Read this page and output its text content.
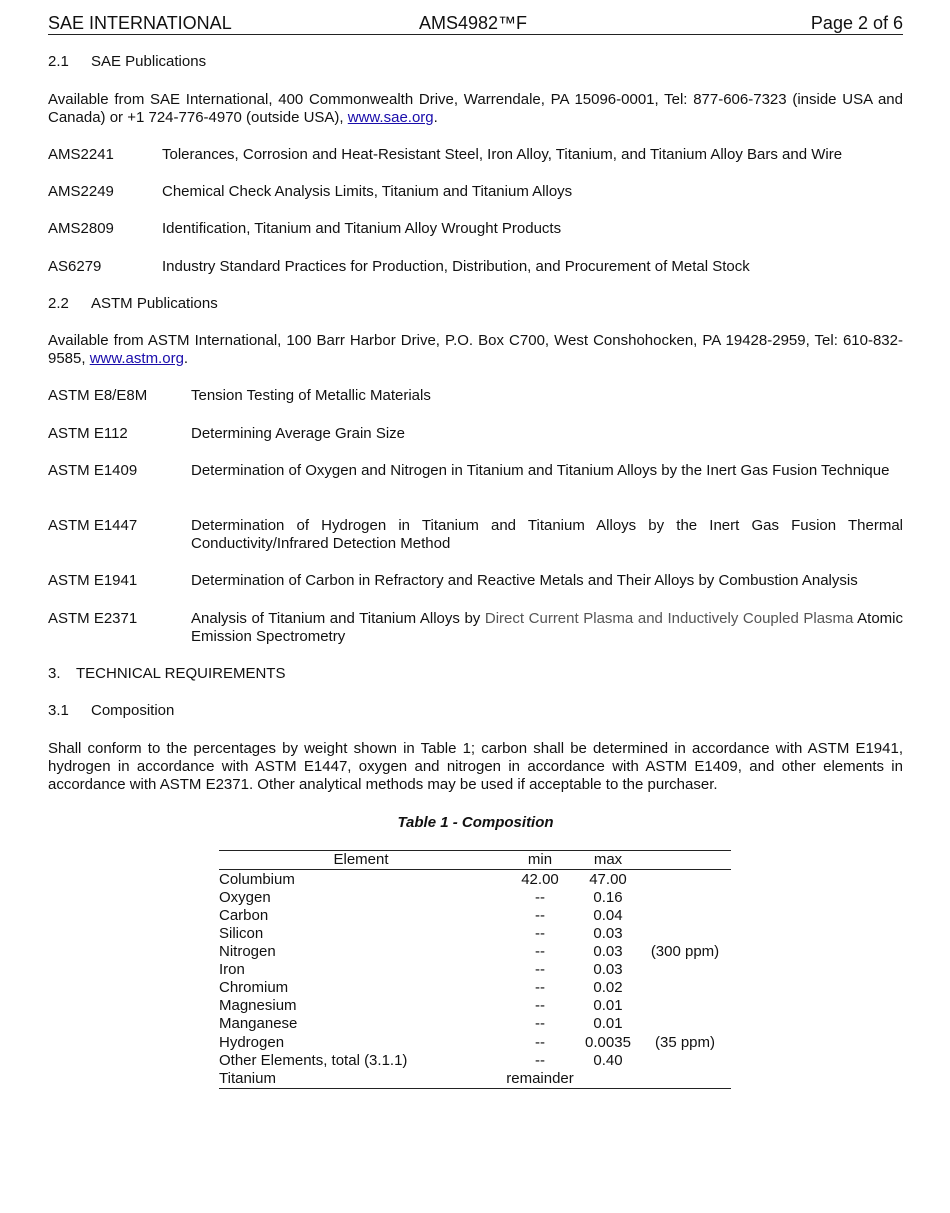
SAE INTERNATIONAL	AMS4982™F	Page 2 of 6
2.1 SAE Publications
Available from SAE International, 400 Commonwealth Drive, Warrendale, PA 15096-0001, Tel: 877-606-7323 (inside USA and Canada) or +1 724-776-4970 (outside USA), www.sae.org.
AMS2241	Tolerances, Corrosion and Heat-Resistant Steel, Iron Alloy, Titanium, and Titanium Alloy Bars and Wire
AMS2249	Chemical Check Analysis Limits, Titanium and Titanium Alloys
AMS2809	Identification, Titanium and Titanium Alloy Wrought Products
AS6279	Industry Standard Practices for Production, Distribution, and Procurement of Metal Stock
2.2 ASTM Publications
Available from ASTM International, 100 Barr Harbor Drive, P.O. Box C700, West Conshohocken, PA 19428-2959, Tel: 610-832-9585, www.astm.org.
ASTM E8/E8M	Tension Testing of Metallic Materials
ASTM E112	Determining Average Grain Size
ASTM E1409	Determination of Oxygen and Nitrogen in Titanium and Titanium Alloys by the Inert Gas Fusion Technique
ASTM E1447	Determination of Hydrogen in Titanium and Titanium Alloys by the Inert Gas Fusion Thermal Conductivity/Infrared Detection Method
ASTM E1941	Determination of Carbon in Refractory and Reactive Metals and Their Alloys by Combustion Analysis
ASTM E2371	Analysis of Titanium and Titanium Alloys by Direct Current Plasma and Inductively Coupled Plasma Atomic Emission Spectrometry
3. TECHNICAL REQUIREMENTS
3.1 Composition
Shall conform to the percentages by weight shown in Table 1; carbon shall be determined in accordance with ASTM E1941, hydrogen in accordance with ASTM E1447, oxygen and nitrogen in accordance with ASTM E1409, and other elements in accordance with ASTM E2371. Other analytical methods may be used if acceptable to the purchaser.
Table 1 - Composition
Element	min	max
Columbium	42.00	47.00
Oxygen	--	0.16
Carbon	--	0.04
Silicon	--	0.03
Nitrogen	--	0.03	(300 ppm)
Iron	--	0.03
Chromium	--	0.02
Magnesium	--	0.01
Manganese	--	0.01
Hydrogen	--	0.0035	(35 ppm)
Other Elements, total (3.1.1)	--	0.40
Titanium	remainder
